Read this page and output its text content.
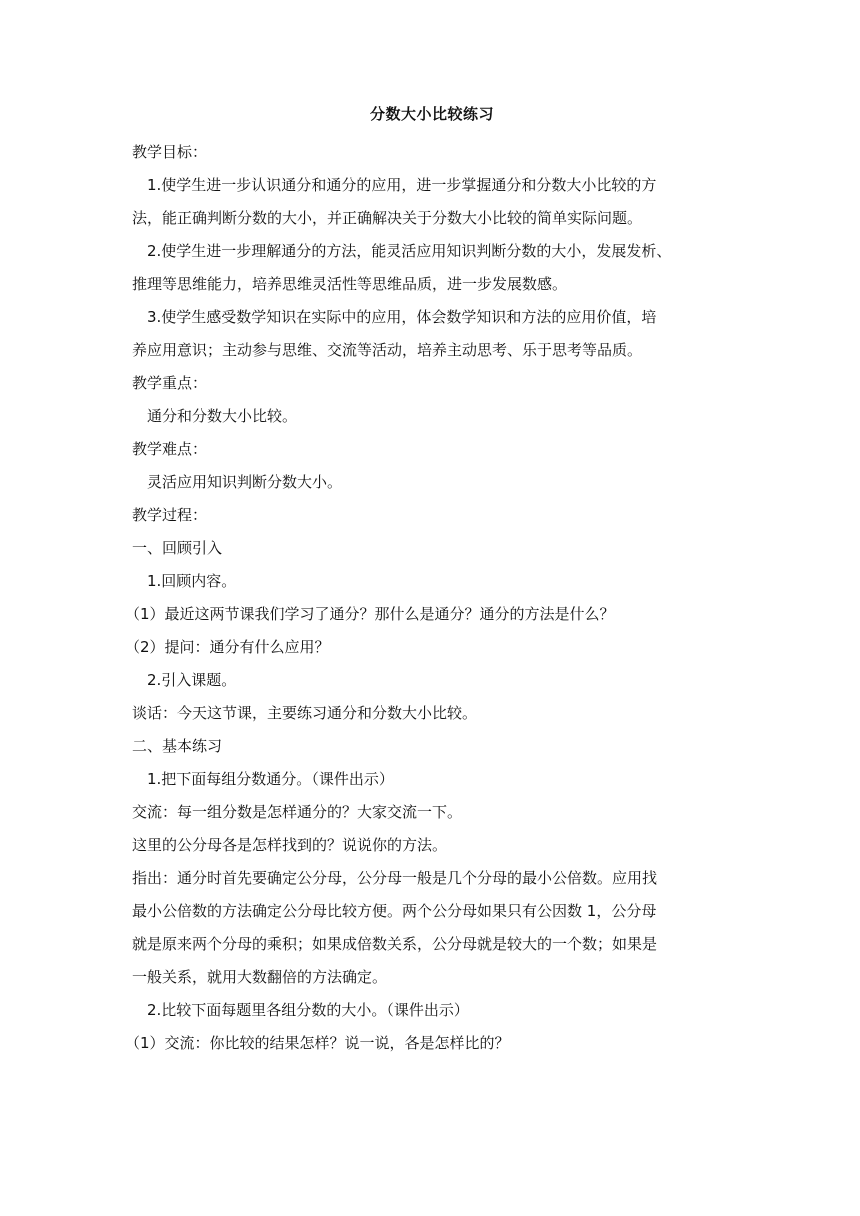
分数大小比较练习
教学目标：
1.使学生进一步认识通分和通分的应用，进一步掌握通分和分数大小比较的方
法，能正确判断分数的大小，并正确解决关于分数大小比较的简单实际问题。
2.使学生进一步理解通分的方法，能灵活应用知识判断分数的大小，发展发析、
推理等思维能力，培养思维灵活性等思维品质，进一步发展数感。
3.使学生感受数学知识在实际中的应用，体会数学知识和方法的应用价值，培
养应用意识；主动参与思维、交流等活动，培养主动思考、乐于思考等品质。
教学重点：
通分和分数大小比较。
教学难点：
灵活应用知识判断分数大小。
教学过程：
一、回顾引入
1.回顾内容。
（1）最近这两节课我们学习了通分？那什么是通分？通分的方法是什么？
（2）提问：通分有什么应用？
2.引入课题。
谈话：今天这节课，主要练习通分和分数大小比较。
二、基本练习
1.把下面每组分数通分。（课件出示）
交流：每一组分数是怎样通分的？大家交流一下。
这里的公分母各是怎样找到的？说说你的方法。
指出：通分时首先要确定公分母，公分母一般是几个分母的最小公倍数。应用找
最小公倍数的方法确定公分母比较方便。两个公分母如果只有公因数 1，公分母
就是原来两个分母的乘积；如果成倍数关系，公分母就是较大的一个数；如果是
一般关系，就用大数翻倍的方法确定。
2.比较下面每题里各组分数的大小。（课件出示）
（1）交流：你比较的结果怎样？说一说，各是怎样比的？
